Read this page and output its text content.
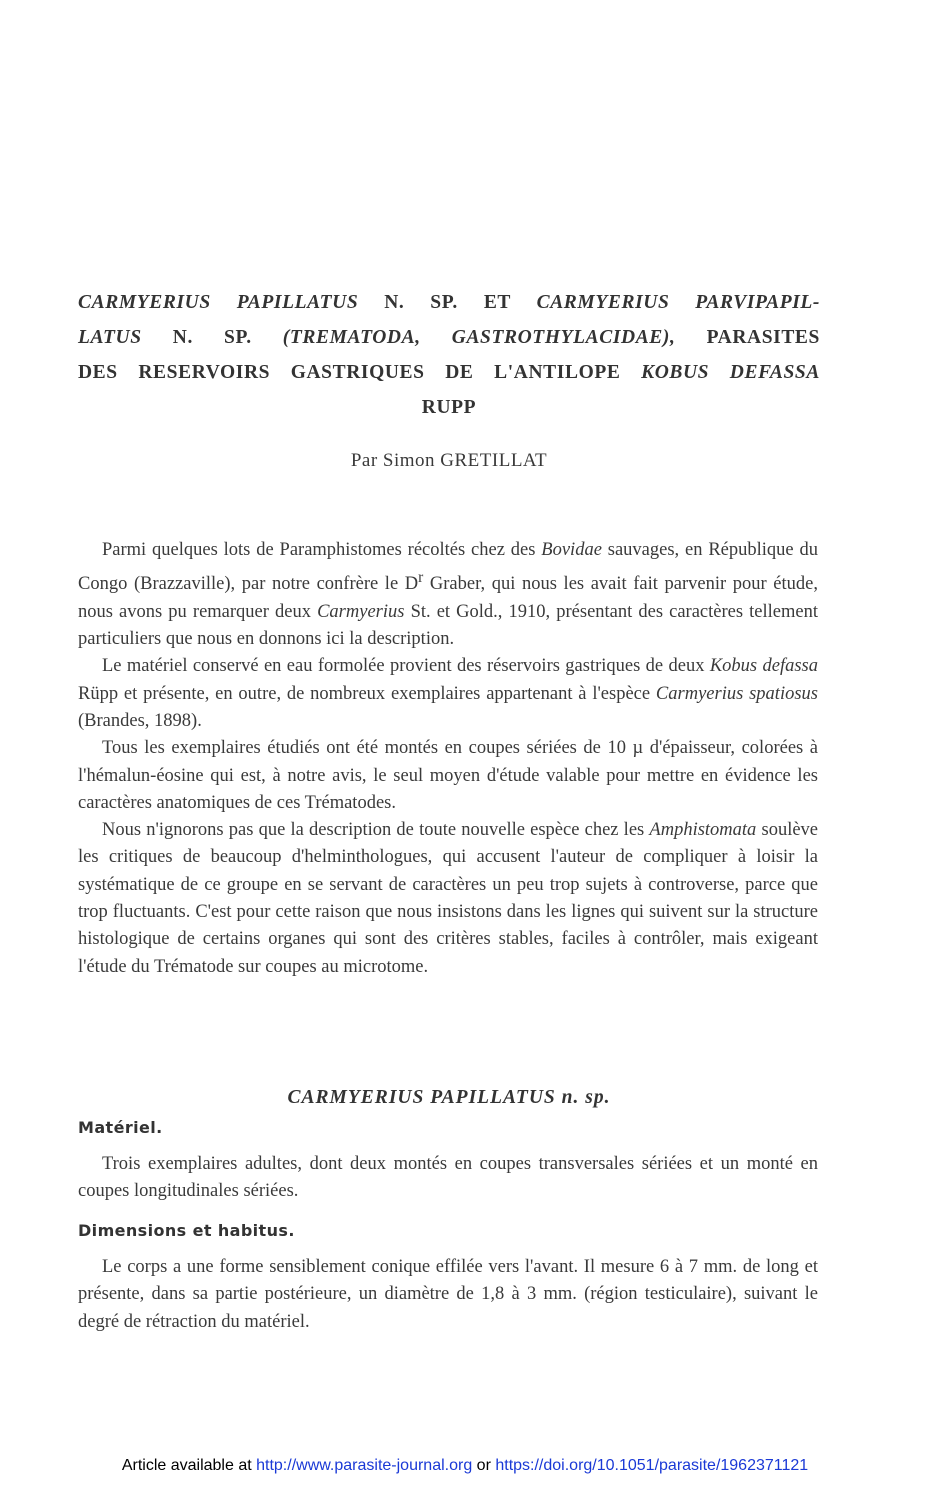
CARMYERIUS PAPILLATUS N. SP. ET CARMYERIUS PARVIPAPIL-
LATUS N. SP. (TREMATODA, GASTROTHYLACIDAE), PARASITES
DES RESERVOIRS GASTRIQUES DE L'ANTILOPE KOBUS DEFASSA
RUPP
Par Simon GRETILLAT

Parmi quelques lots de Paramphistomes récoltés chez des Bovidae sauvages, en République du Congo (Brazzaville), par notre confrère le $D^r$ Graber, qui nous les avait fait parvenir pour étude, nous avons pu remarquer deux Carmyerius St. et Gold., 1910, présentant des caractères tellement particuliers que nous en donnons ici la description.

Le matériel conservé en eau formolée provient des réservoirs gastriques de deux Kobus defassa Rüpp et présente, en outre, de nombreux exemplaires appartenant à l'espèce Carmyerius spatiosus (Brandes, 1898).

Tous les exemplaires étudiés ont été montés en coupes sériées de 10 µ d'épaisseur, colorées à l'hémalun-éosine qui est, à notre avis, le seul moyen d'étude valable pour mettre en évidence les caractères anatomiques de ces Trématodes.

Nous n'ignorons pas que la description de toute nouvelle espèce chez les Amphistomata soulève les critiques de beaucoup d'helminthologues, qui accusent l'auteur de compliquer à loisir la systématique de ce groupe en se servant de caractères un peu trop sujets à controverse, parce que trop fluctuants. C'est pour cette raison que nous insistons dans les lignes qui suivent sur la structure histologique de certains organes qui sont des critères stables, faciles à contrôler, mais exigeant l'étude du Trématode sur coupes au microtome.

CARMYERIUS PAPILLATUS n. sp.
Matériel.

Trois exemplaires adultes, dont deux montés en coupes transversales sériées et un monté en coupes longitudinales sériées.

Dimensions et habitus.

Le corps a une forme sensiblement conique effilée vers l'avant. Il mesure 6 à 7 mm. de long et présente, dans sa partie postérieure, un diamètre de 1,8 à 3 mm. (région testiculaire), suivant le degré de rétraction du matériel.

Article available at http://www.parasite-journal.org or https://doi.org/10.1051/parasite/1962371121
